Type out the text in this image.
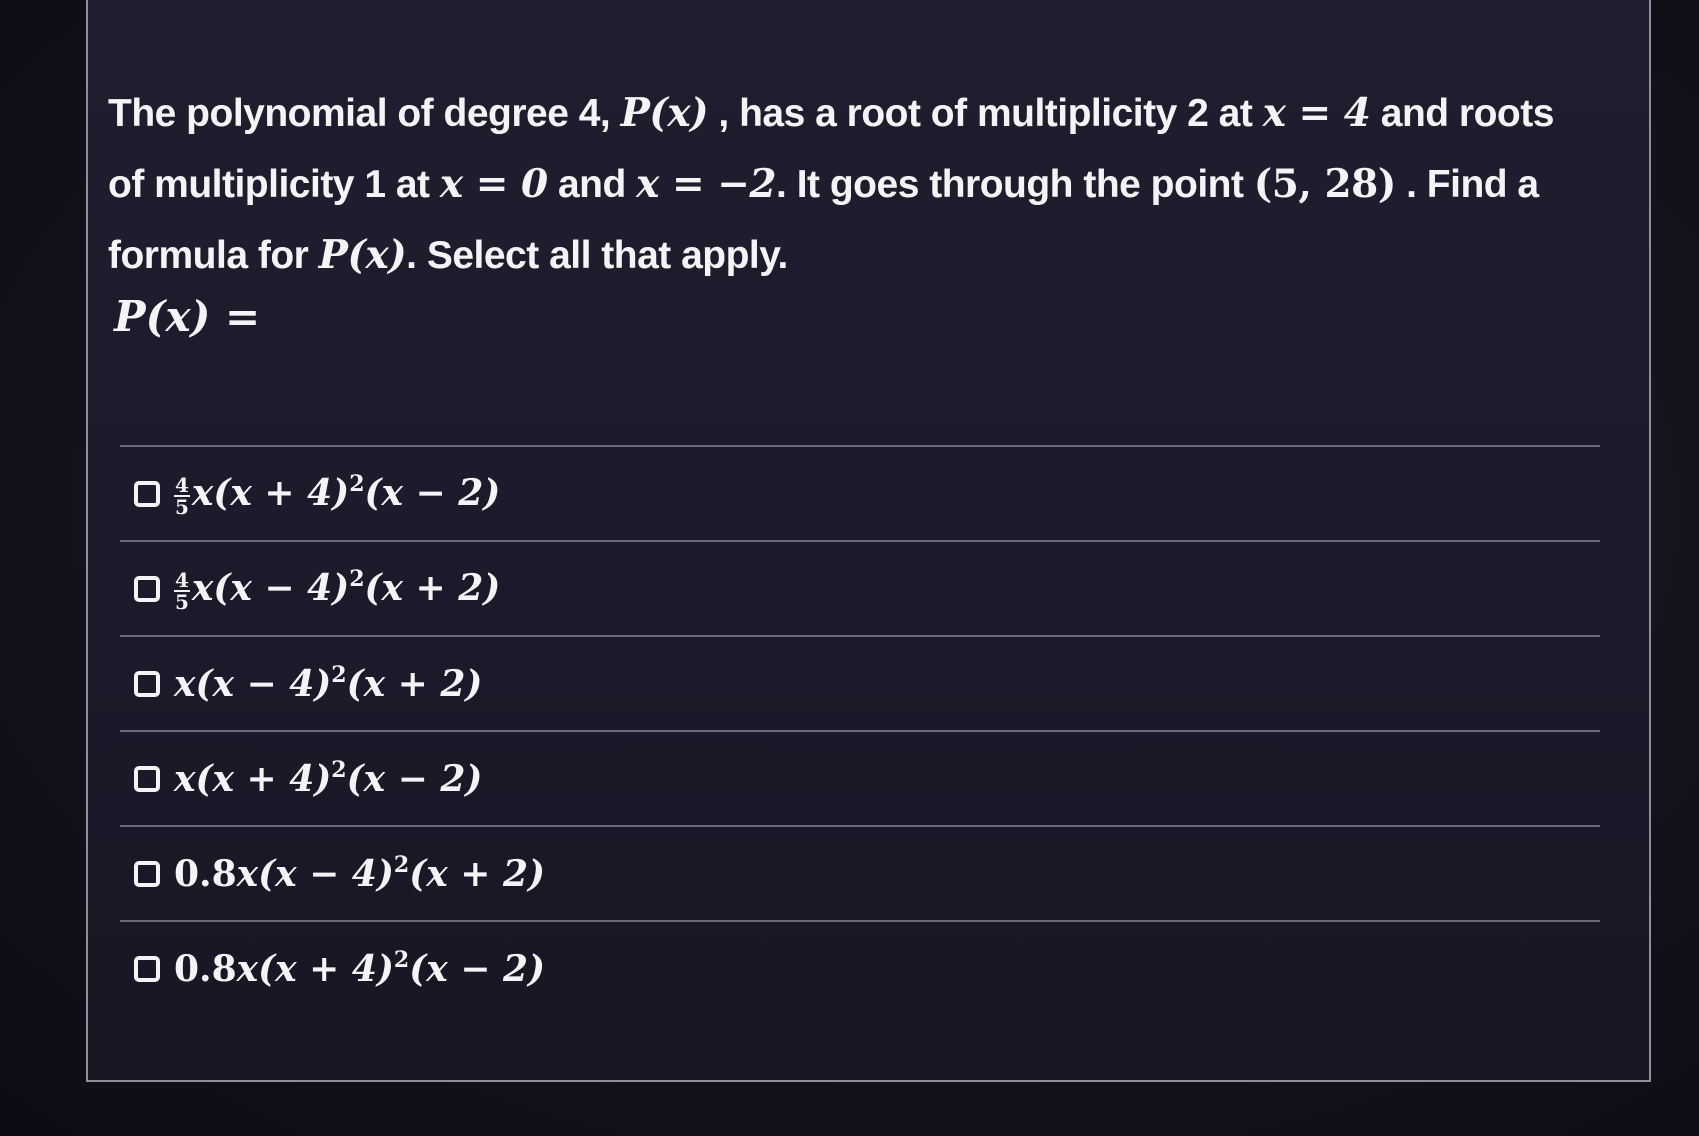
The polynomial of degree 4, P(x) , has a root of multiplicity 2 at x = 4 and roots of multiplicity 1 at x = 0 and x = −2. It goes through the point (5, 28) . Find a formula for P(x). Select all that apply.
P(x) =
$\frac{4}{5} x(x + 4)^2(x - 2)$
$\frac{4}{5} x(x - 4)^2(x + 2)$
$x(x - 4)^2(x + 2)$
$x(x + 4)^2(x - 2)$
$0.8x(x - 4)^2(x + 2)$
$0.8x(x + 4)^2(x - 2)$
